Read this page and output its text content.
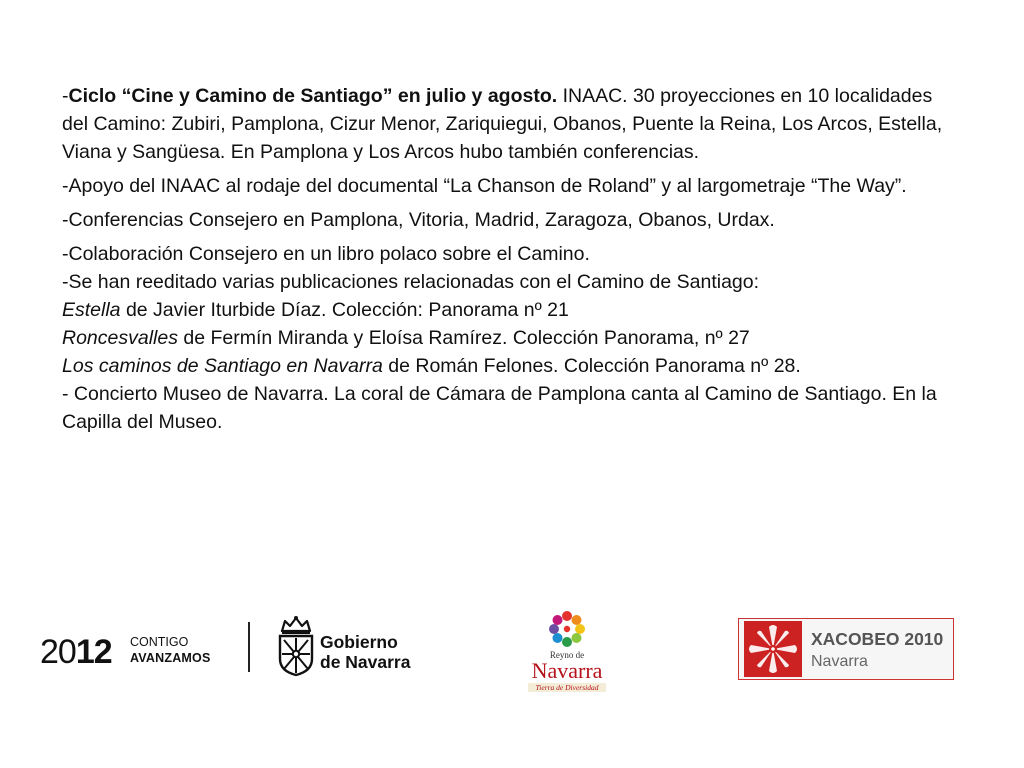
-Ciclo “Cine y Camino de Santiago” en julio y agosto. INAAC. 30 proyecciones en 10 localidades del Camino: Zubiri, Pamplona, Cizur Menor, Zariquiegui, Obanos, Puente la Reina, Los Arcos, Estella, Viana y Sangüesa. En Pamplona y Los Arcos hubo también conferencias.

-Apoyo del INAAC al rodaje del documental “La Chanson de Roland” y al largometraje “The Way”.

-Conferencias Consejero en Pamplona, Vitoria, Madrid, Zaragoza, Obanos, Urdax.

-Colaboración Consejero en un libro polaco sobre el Camino.

-Se han reeditado varias publicaciones relacionadas con el Camino de Santiago:

Estella de Javier Iturbide Díaz. Colección: Panorama nº 21

Roncesvalles de Fermín Miranda y Eloísa Ramírez. Colección Panorama, nº 27

Los caminos de Santiago en Navarra de Román Felones. Colección Panorama nº 28.

- Concierto Museo de Navarra. La coral de Cámara de Pamplona canta al Camino de Santiago. En la Capilla del Museo.

2012 CONTIGO
AVANZAMOS
Gobierno
de Navarra	Reyno de
Navarra
Tierra de Diversidad
XACOBEO 2010
Navarra
